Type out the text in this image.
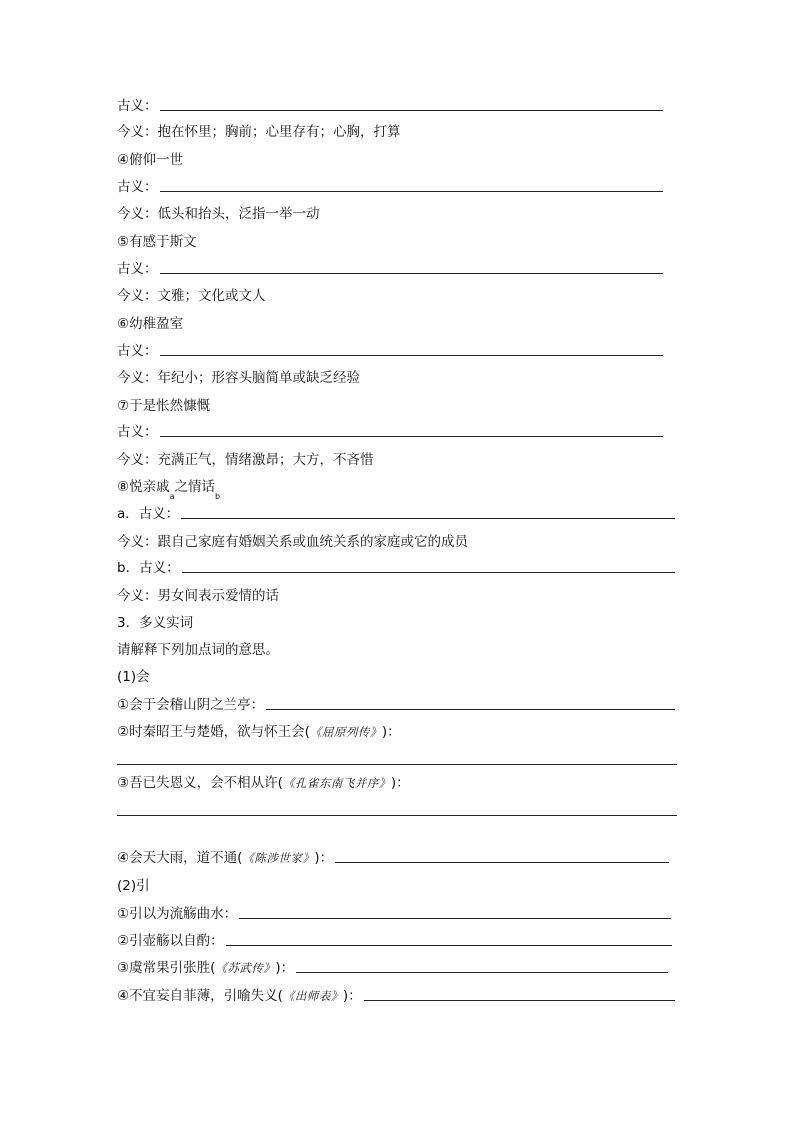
古义：
今义：抱在怀里；胸前；心里存有；心胸，打算
④俯仰一世
古义：
今义：低头和抬头，泛指一举一动
⑤有感于斯文
古义：
今义：文雅；文化或文人
⑥幼稚盈室
古义：
今义：年纪小；形容头脑简单或缺乏经验
⑦于是怅然慷慨
古义：
今义：充满正气，情绪激昂；大方，不吝惜
⑧悦亲戚
a
之情话
b
a．古义：
今义：跟自己家庭有婚姻关系或血统关系的家庭或它的成员
b．古义：
今义：男女间表示爱情的话
3．多义实词
请解释下列加点词的意思。
(1)会
①会于会稽山阴之兰亭：
②时秦昭王与楚婚，欲与怀王会( 《屈原列传》 )：
③吾已失恩义，会不相从许( 《孔雀东南飞并序》 )：
④会天大雨，道不通( 《陈涉世家》 )：
(2)引
①引以为流觞曲水：
②引壶觞以自酌：
③虞常果引张胜( 《苏武传》 )：
④不宜妄自菲薄，引喻失义( 《出师表》 )：
